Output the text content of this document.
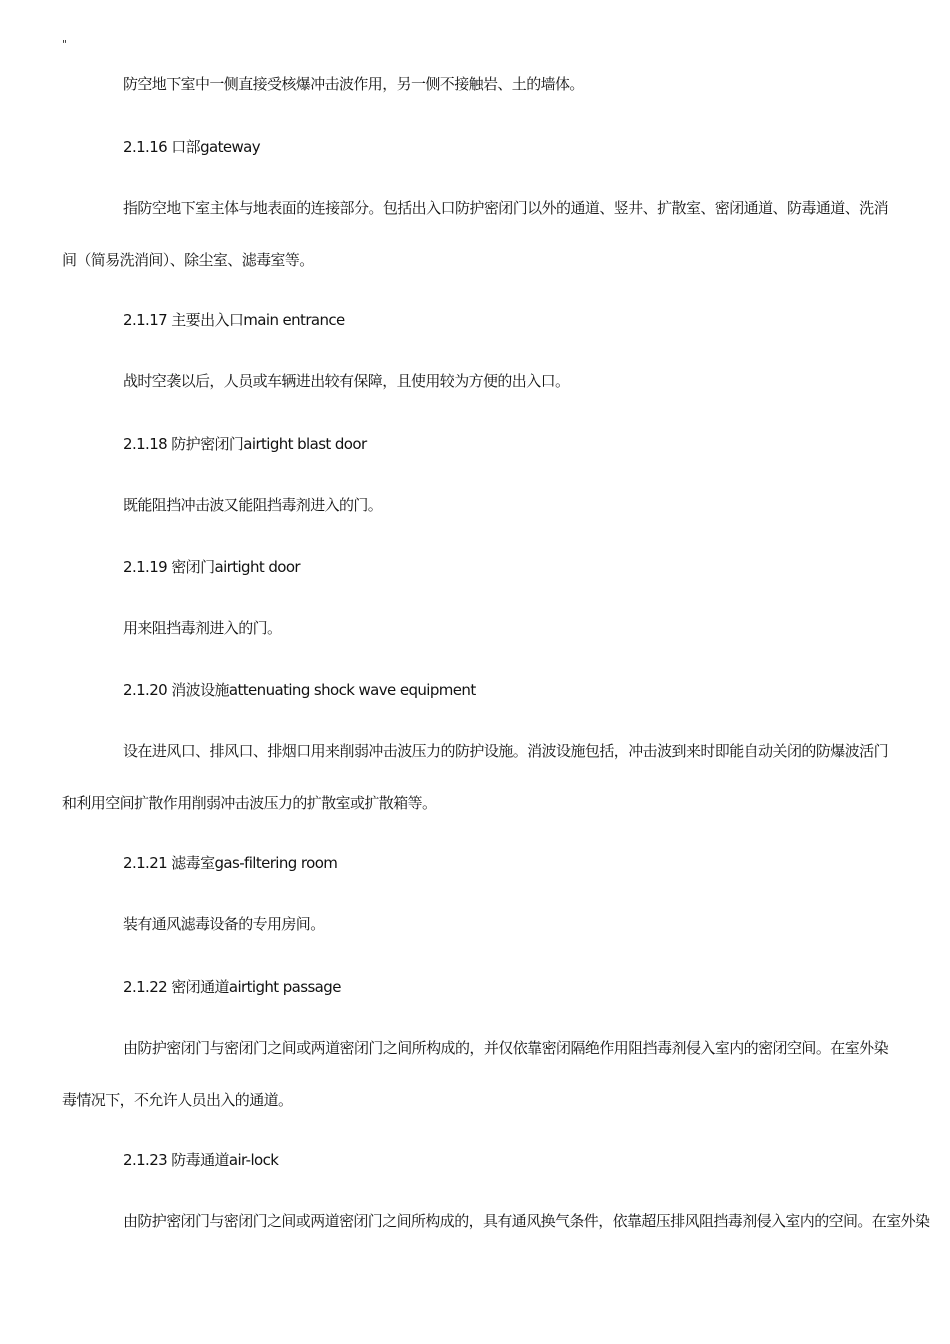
"

防空地下室中一侧直接受核爆冲击波作用，另一侧不接触岩、土的墙体。

2.1.16 口部gateway

指防空地下室主体与地表面的连接部分。包括出入口防护密闭门以外的通道、竖井、扩散室、密闭通道、防毒通道、洗消间（简易洗消间）、除尘室、滤毒室等。

2.1.17 主要出入口main entrance

战时空袭以后，人员或车辆进出较有保障，且使用较为方便的出入口。

2.1.18 防护密闭门airtight blast door

既能阻挡冲击波又能阻挡毒剂进入的门。

2.1.19 密闭门airtight door

用来阻挡毒剂进入的门。

2.1.20 消波设施attenuating shock wave equipment

设在进风口、排风口、排烟口用来削弱冲击波压力的防护设施。消波设施包括，冲击波到来时即能自动关闭的防爆波活门和利用空间扩散作用削弱冲击波压力的扩散室或扩散箱等。

2.1.21 滤毒室gas-filtering room

装有通风滤毒设备的专用房间。

2.1.22 密闭通道airtight passage

由防护密闭门与密闭门之间或两道密闭门之间所构成的，并仅依靠密闭隔绝作用阻挡毒剂侵入室内的密闭空间。在室外染毒情况下，不允许人员出入的通道。

2.1.23 防毒通道air-lock

由防护密闭门与密闭门之间或两道密闭门之间所构成的，具有通风换气条件，依靠超压排风阻挡毒剂侵入室内的空间。在室外染
